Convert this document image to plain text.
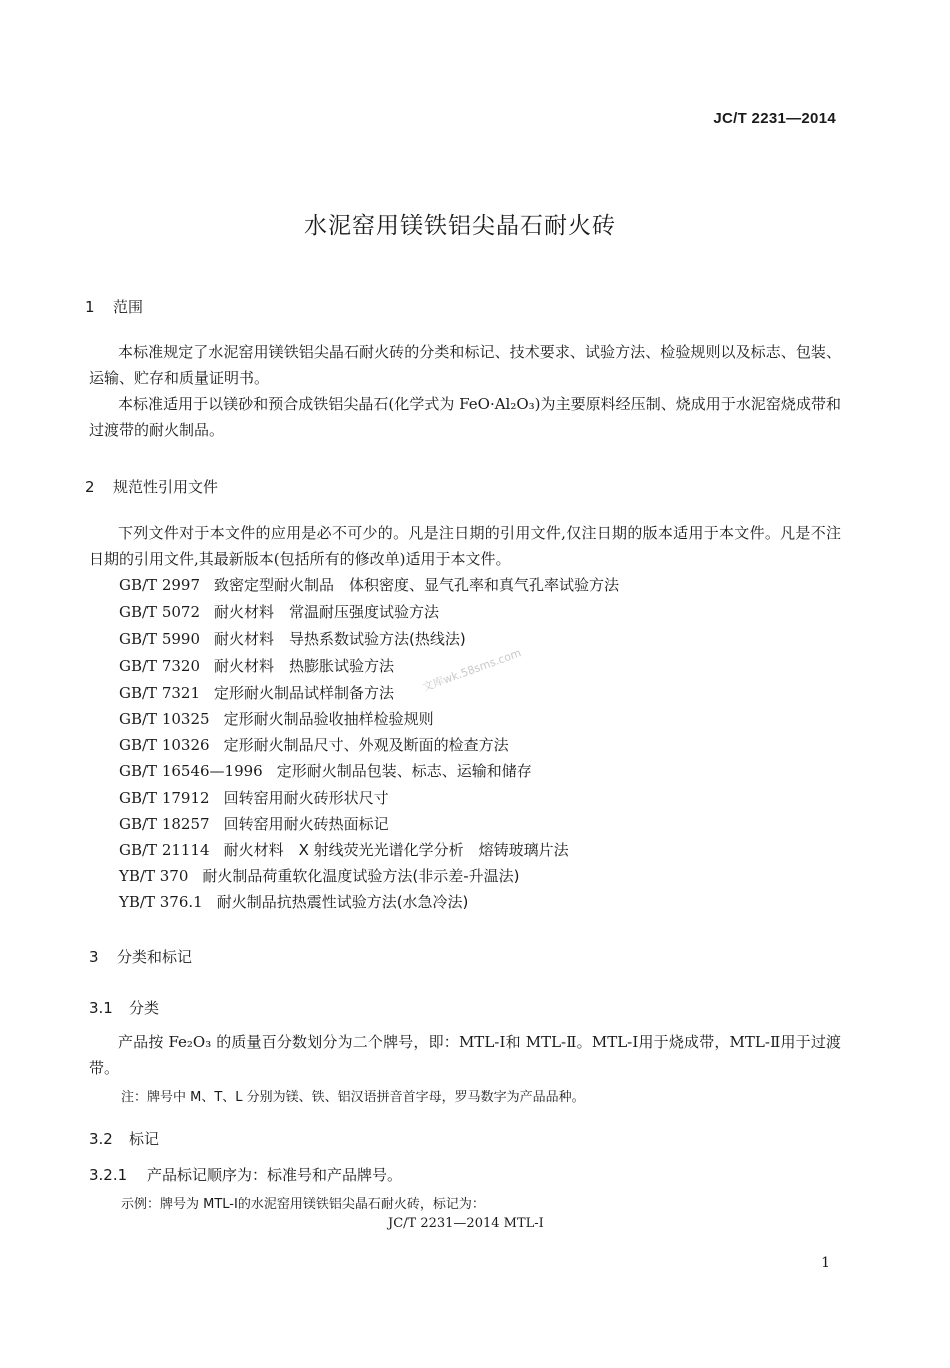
JC/T 2231—2014
水泥窑用镁铁铝尖晶石耐火砖
1 范围
本标准规定了水泥窑用镁铁铝尖晶石耐火砖的分类和标记、技术要求、试验方法、检验规则以及标志、包装、运输、贮存和质量证明书。
本标准适用于以镁砂和预合成铁铝尖晶石(化学式为 FeO·Al₂O₃)为主要原料经压制、烧成用于水泥窑烧成带和过渡带的耐火制品。
2 规范性引用文件
下列文件对于本文件的应用是必不可少的。凡是注日期的引用文件,仅注日期的版本适用于本文件。凡是不注日期的引用文件,其最新版本(包括所有的修改单)适用于本文件。
GB/T 2997 致密定型耐火制品　体积密度、显气孔率和真气孔率试验方法
GB/T 5072 耐火材料　常温耐压强度试验方法
GB/T 5990 耐火材料　导热系数试验方法(热线法)
GB/T 7320 耐火材料　热膨胀试验方法
GB/T 7321 定形耐火制品试样制备方法
GB/T 10325 定形耐火制品验收抽样检验规则
GB/T 10326 定形耐火制品尺寸、外观及断面的检查方法
GB/T 16546—1996 定形耐火制品包装、标志、运输和储存
GB/T 17912 回转窑用耐火砖形状尺寸
GB/T 18257 回转窑用耐火砖热面标记
GB/T 21114 耐火材料　X 射线荧光光谱化学分析　熔铸玻璃片法
YB/T 370 耐火制品荷重软化温度试验方法(非示差-升温法)
YB/T 376.1 耐火制品抗热震性试验方法(水急冷法)
3 分类和标记
3.1 分类
产品按 Fe₂O₃ 的质量百分数划分为二个牌号，即：MTL-Ⅰ和 MTL-Ⅱ。MTL-Ⅰ用于烧成带，MTL-Ⅱ用于过渡带。
注：牌号中 M、T、L 分别为镁、铁、铝汉语拼音首字母，罗马数字为产品品种。
3.2 标记
3.2.1 产品标记顺序为：标准号和产品牌号。
示例：牌号为 MTL-Ⅰ的水泥窑用镁铁铝尖晶石耐火砖，标记为：
JC/T 2231—2014 MTL-Ⅰ
文库wk.58sms.com
1
